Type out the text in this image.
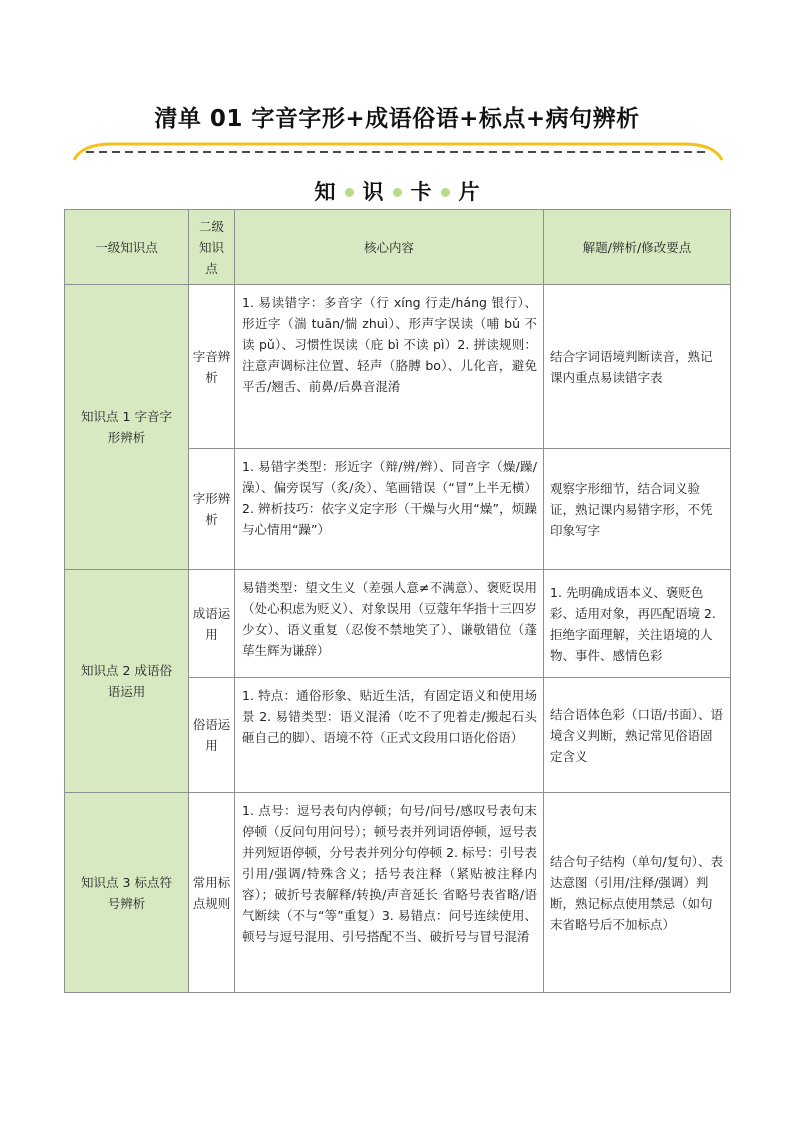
清单 01 字音字形+成语俗语+标点+病句辨析
知 识 卡 片
一级知识点	二级知识点	核心内容	解题/辨析/修改要点
知识点 1 字音字形辨析	字音辨析	1. 易读错字：多音字（行 xíng 行走/háng 银行）、形近字（湍 tuān/惴 zhuì）、形声字误读（哺 bǔ 不读 pǔ）、习惯性误读（庇 bì 不读 pì）2. 拼读规则：注意声调标注位置、轻声（胳膊 bo）、儿化音，避免平舌/翘舌、前鼻/后鼻音混淆	结合字词语境判断读音，熟记课内重点易读错字表
	字形辨析	1. 易错字类型：形近字（辩/辨/辫）、同音字（燥/躁/澡）、偏旁误写（炙/灸）、笔画错误（“冒”上半无横）2. 辨析技巧：依字义定字形（干燥与火用“燥”，烦躁与心情用“躁”）	观察字形细节，结合词义验证，熟记课内易错字形，不凭印象写字
知识点 2 成语俗语运用	成语运用	易错类型：望文生义（差强人意≠不满意）、褒贬误用（处心积虑为贬义）、对象误用（豆蔻年华指十三四岁少女）、语义重复（忍俊不禁地笑了）、谦敬错位（蓬荜生辉为谦辞）	1. 先明确成语本义、褒贬色彩、适用对象，再匹配语境 2. 拒绝字面理解，关注语境的人物、事件、感情色彩
	俗语运用	1. 特点：通俗形象、贴近生活，有固定语义和使用场景 2. 易错类型：语义混淆（吃不了兜着走/搬起石头砸自己的脚）、语境不符（正式文段用口语化俗语）	结合语体色彩（口语/书面）、语境含义判断，熟记常见俗语固定含义
知识点 3 标点符号辨析	常用标点规则	1. 点号：逗号表句内停顿；句号/问号/感叹号表句末停顿（反问句用问号）；顿号表并列词语停顿，逗号表并列短语停顿，分号表并列分句停顿 2. 标号：引号表引用/强调/特殊含义；括号表注释（紧贴被注释内容）；破折号表解释/转换/声音延长 省略号表省略/语气断续（不与“等”重复）3. 易错点：问号连续使用、顿号与逗号混用、引号搭配不当、破折号与冒号混淆	结合句子结构（单句/复句）、表达意图（引用/注释/强调）判断，熟记标点使用禁忌（如句末省略号后不加标点）
